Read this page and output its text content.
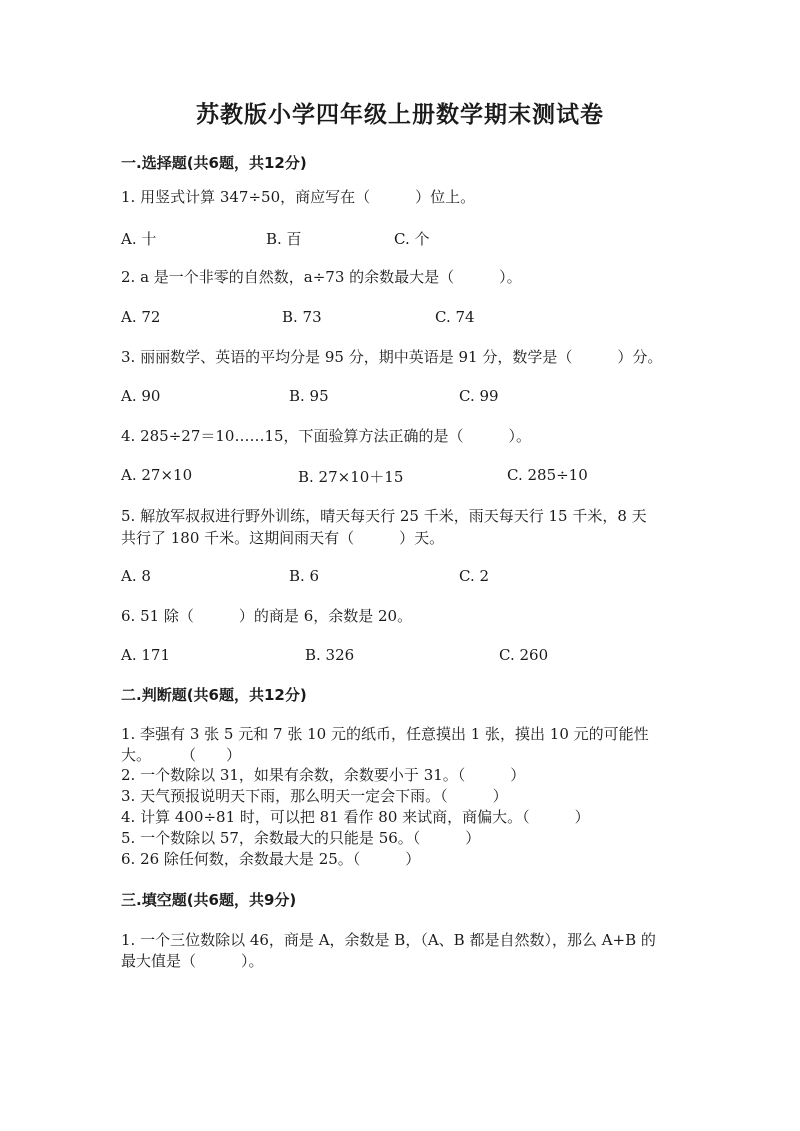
苏教版小学四年级上册数学期末测试卷
一.选择题(共6题，共12分)
1. 用竖式计算 347÷50，商应写在（　　　）位上。
A. 十	B. 百	C. 个
2. a 是一个非零的自然数，a÷73 的余数最大是（　　　）。
A. 72	B. 73	C. 74
3. 丽丽数学、英语的平均分是 95 分，期中英语是 91 分，数学是（　　　）分。
A. 90	B. 95	C. 99
4. 285÷27＝10……15，下面验算方法正确的是（　　　）。
A. 27×10	B. 27×10＋15	C. 285÷10
5. 解放军叔叔进行野外训练，晴天每天行 25 千米，雨天每天行 15 千米，8 天
共行了 180 千米。这期间雨天有（　　　）天。
A. 8	B. 6	C. 2
6. 51 除（　　　）的商是 6，余数是 20。
A. 171	B. 326	C. 260
二.判断题(共6题，共12分)
1. 李强有 3 张 5 元和 7 张 10 元的纸币，任意摸出 1 张，摸出 10 元的可能性
大。　　　（　　）
2. 一个数除以 31，如果有余数，余数要小于 31。（　　　）
3. 天气预报说明天下雨，那么明天一定会下雨。（　　　）
4. 计算 400÷81 时，可以把 81 看作 80 来试商，商偏大。（　　　）
5. 一个数除以 57，余数最大的只能是 56。（　　　）
6. 26 除任何数，余数最大是 25。（　　　）
三.填空题(共6题，共9分)
1. 一个三位数除以 46，商是 A，余数是 B，（A、B 都是自然数），那么 A+B 的
最大值是（　　　）。
